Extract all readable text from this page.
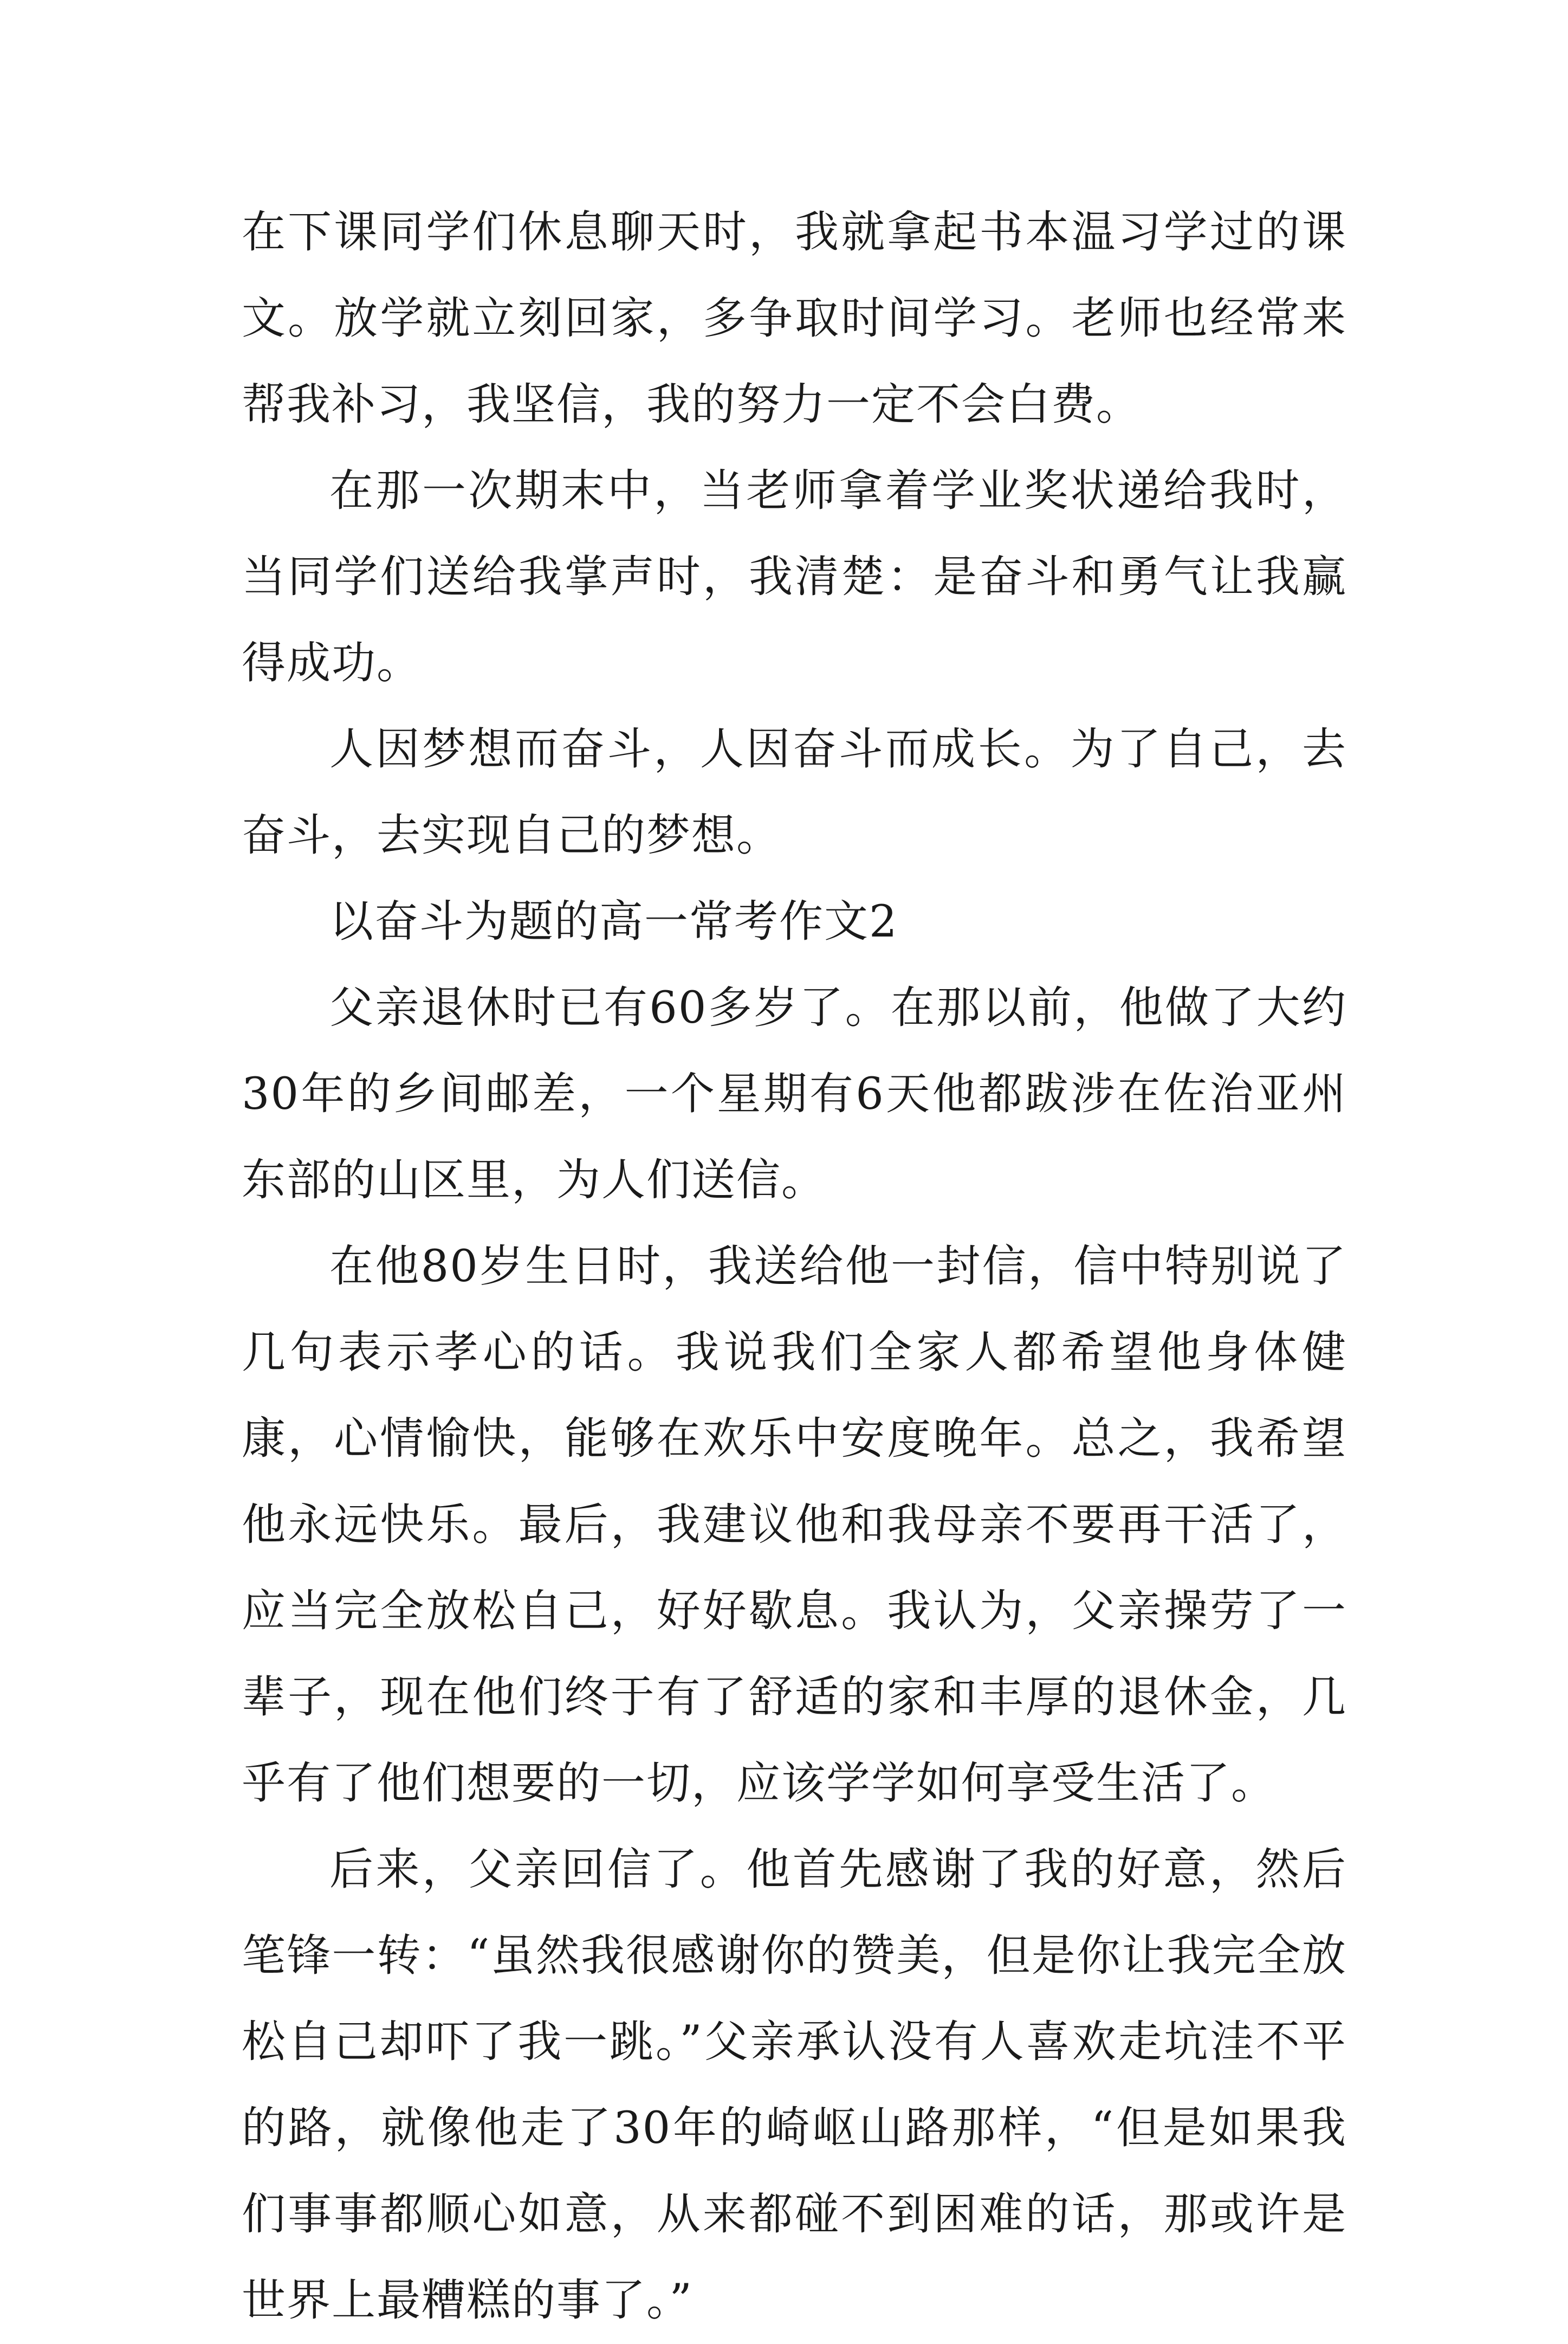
在下课同学们休息聊天时，我就拿起书本温习学过的课文。放学就立刻回家，多争取时间学习。老师也经常来帮我补习，我坚信，我的努力一定不会白费。

在那一次期末中，当老师拿着学业奖状递给我时，当同学们送给我掌声时，我清楚：是奋斗和勇气让我赢得成功。

人因梦想而奋斗，人因奋斗而成长。为了自己，去奋斗，去实现自己的梦想。

以奋斗为题的高一常考作文2

父亲退休时已有60多岁了。在那以前，他做了大约30年的乡间邮差，一个星期有6天他都跋涉在佐治亚州东部的山区里，为人们送信。

在他80岁生日时，我送给他一封信，信中特别说了几句表示孝心的话。我说我们全家人都希望他身体健康，心情愉快，能够在欢乐中安度晚年。总之，我希望他永远快乐。最后，我建议他和我母亲不要再干活了，应当完全放松自己，好好歇息。我认为，父亲操劳了一辈子，现在他们终于有了舒适的家和丰厚的退休金，几乎有了他们想要的一切，应该学学如何享受生活了。

后来，父亲回信了。他首先感谢了我的好意，然后笔锋一转：“虽然我很感谢你的赞美，但是你让我完全放松自己却吓了我一跳。”父亲承认没有人喜欢走坑洼不平的路，就像他走了30年的崎岖山路那样，“但是如果我们事事都顺心如意，从来都碰不到困难的话，那或许是世界上最糟糕的事了。”
